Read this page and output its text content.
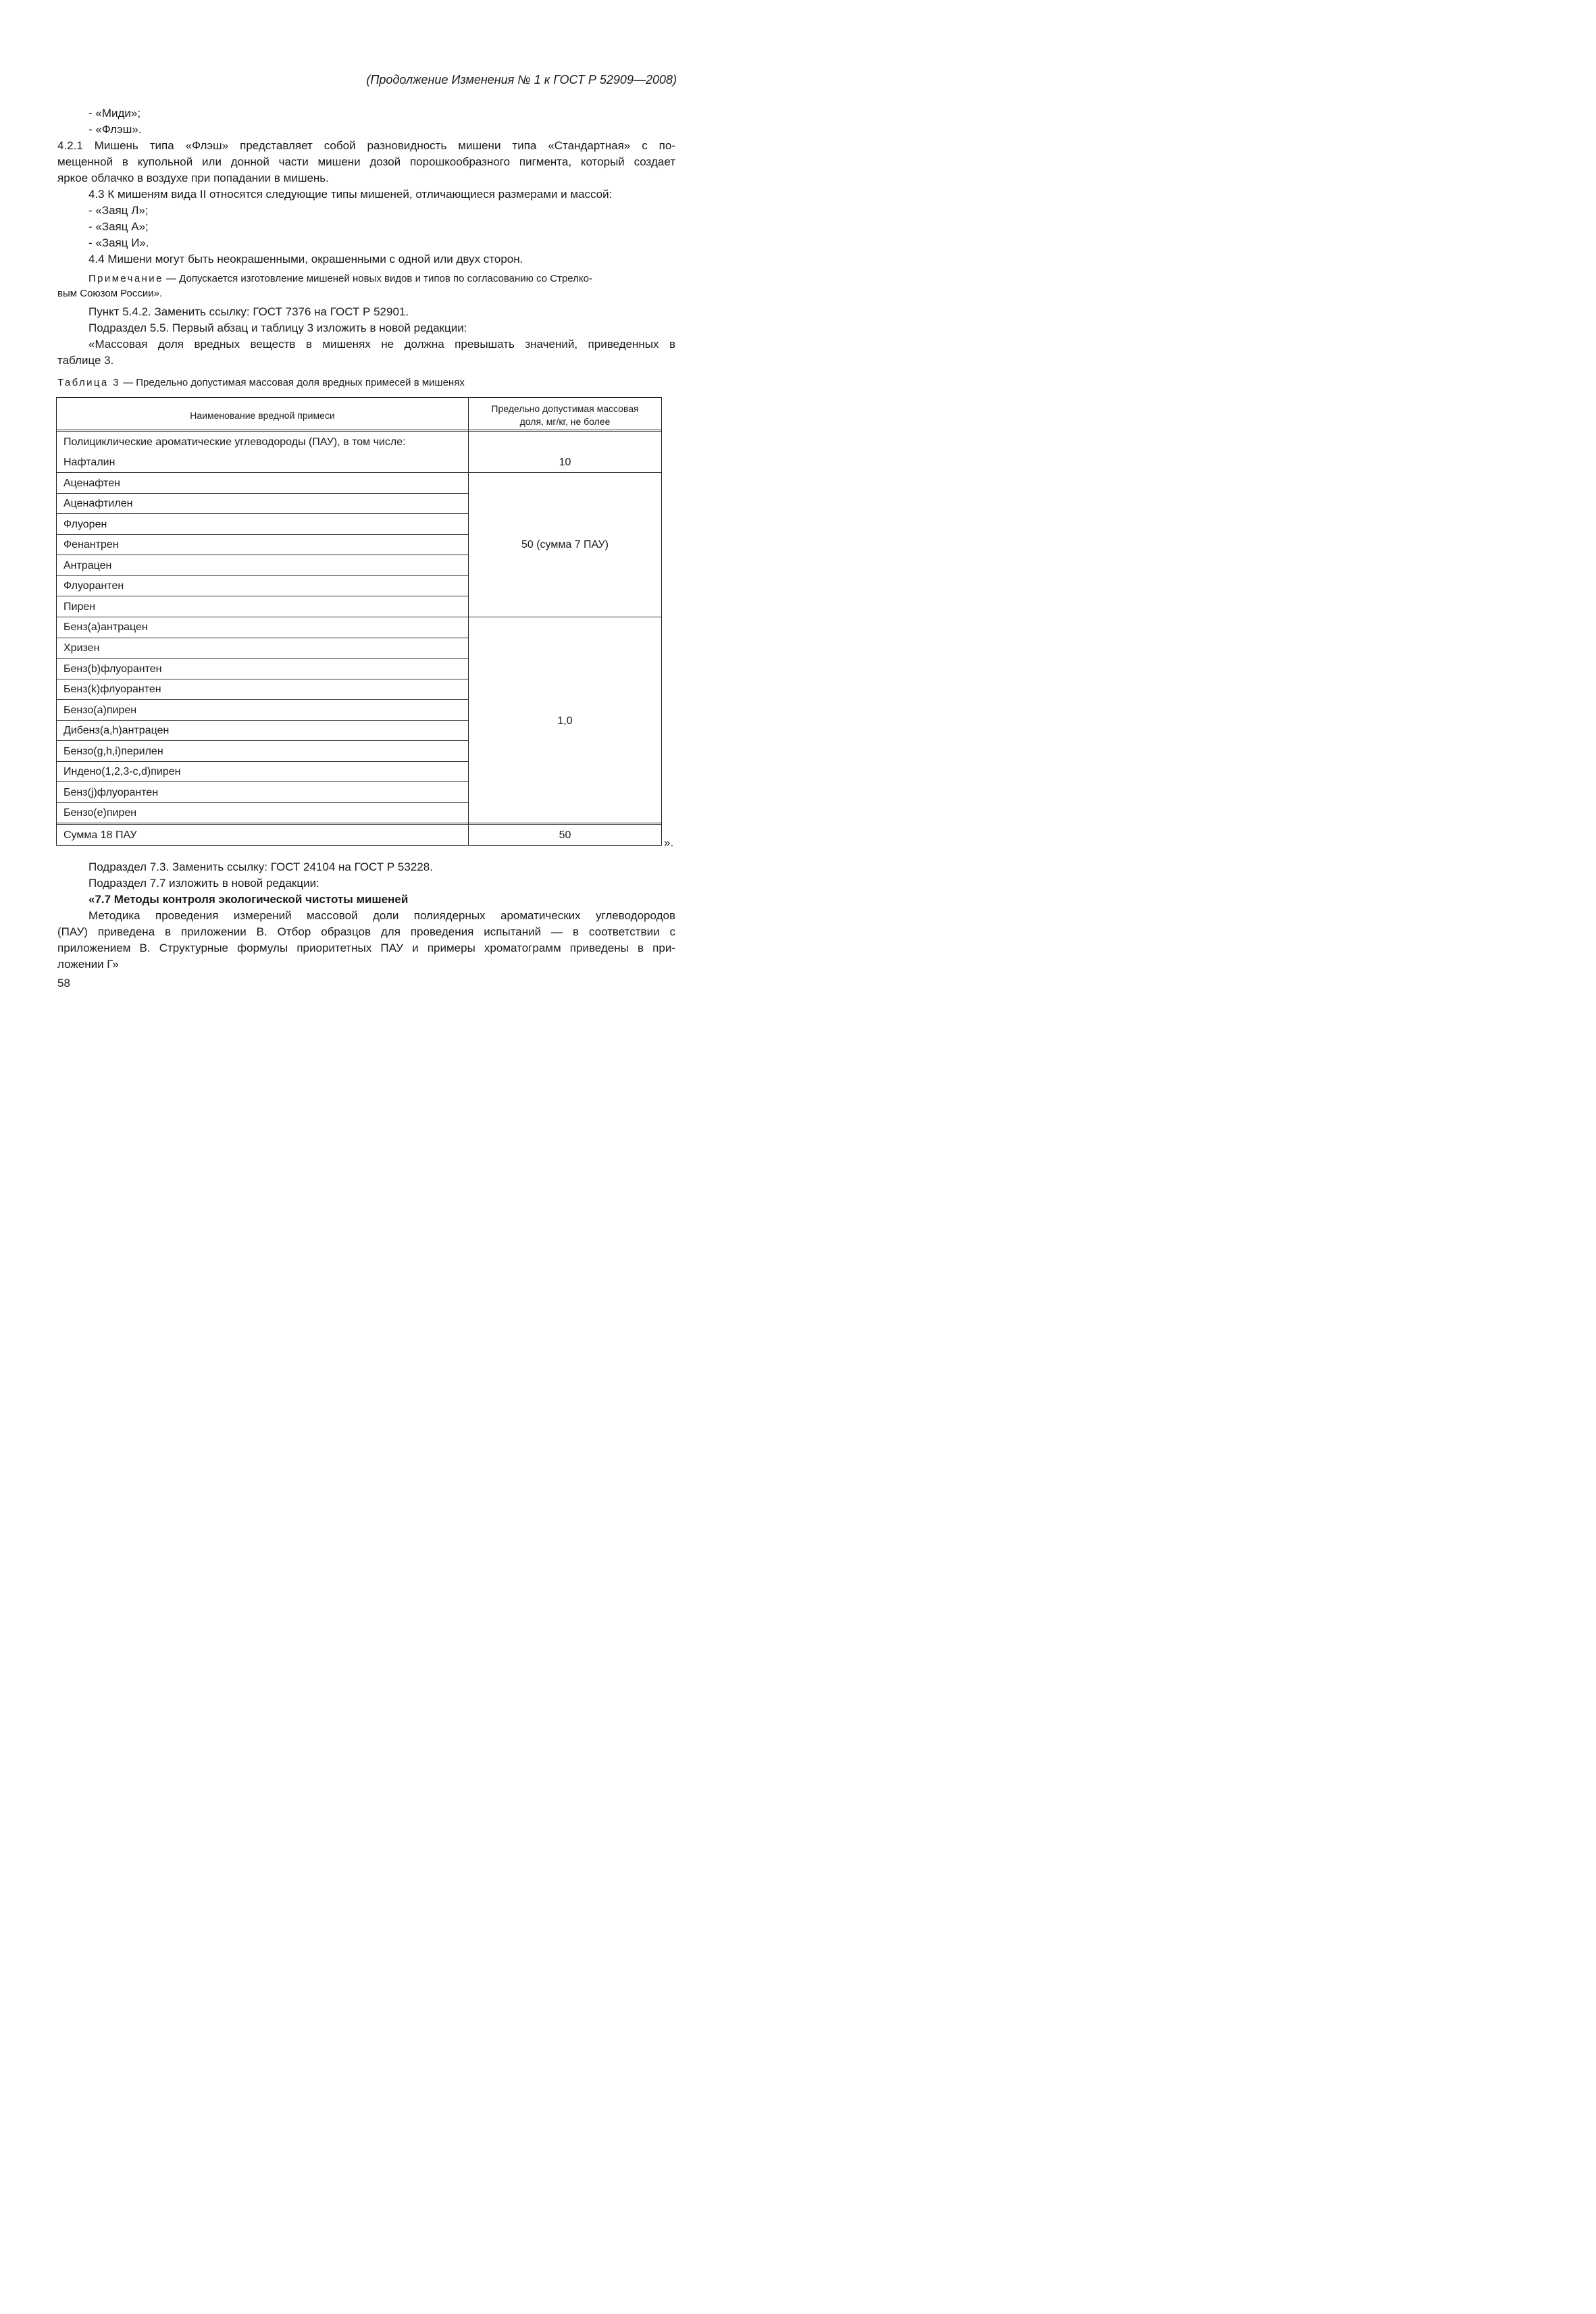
(Продолжение Изменения № 1 к ГОСТ Р 52909—2008)
- «Миди»;
- «Флэш».
4.2.1 Мишень типа «Флэш» представляет собой разновидность мишени типа «Стандартная» с по-
мещенной в купольной или донной части мишени дозой порошкообразного пигмента, который создает
яркое облачко в воздухе при попадании в мишень.
4.3 К мишеням вида II относятся следующие типы мишеней, отличающиеся размерами и массой:
- «Заяц Л»;
- «Заяц А»;
- «Заяц И».
4.4 Мишени могут быть неокрашенными, окрашенными с одной или двух сторон.
Примечание — Допускается изготовление мишеней новых видов и типов по согласованию со Стрелко-
вым Союзом России».
Пункт 5.4.2. Заменить ссылку: ГОСТ 7376 на ГОСТ Р 52901.
Подраздел 5.5. Первый абзац и таблицу 3 изложить в новой редакции:
«Массовая доля вредных веществ в мишенях не должна превышать значений, приведенных в
таблице 3.
Таблица 3 — Предельно допустимая массовая доля вредных примесей в мишенях
Наименование вредной примеси
Предельно допустимая массовая
доля, мг/кг, не более
Полициклические ароматические углеводороды (ПАУ), в том числе:
Нафталин
Аценафтен
Аценафтилен
Флуорен
Фенантрен
Антрацен
Флуорантен
Пирен
Бенз(а)антрацен
Хризен
Бенз(b)флуорантен
Бенз(k)флуорантен
Бензо(а)пирен
Дибенз(a,h)антрацен
Бензо(g,h,i)перилен
Индено(1,2,3-c,d)пирен
Бенз(j)флуорантен
Бензо(е)пирен
Сумма 18 ПАУ
10
50 (сумма 7 ПАУ)
1,0
50
».
Подраздел 7.3. Заменить ссылку: ГОСТ 24104 на ГОСТ Р 53228.
Подраздел 7.7 изложить в новой редакции:
«7.7 Методы контроля экологической чистоты мишеней
Методика проведения измерений массовой доли полиядерных ароматических углеводородов
(ПАУ) приведена в приложении В. Отбор образцов для проведения испытаний — в соответствии с
приложением В. Структурные формулы приоритетных ПАУ и примеры хроматограмм приведены в при-
ложении Г»
58
